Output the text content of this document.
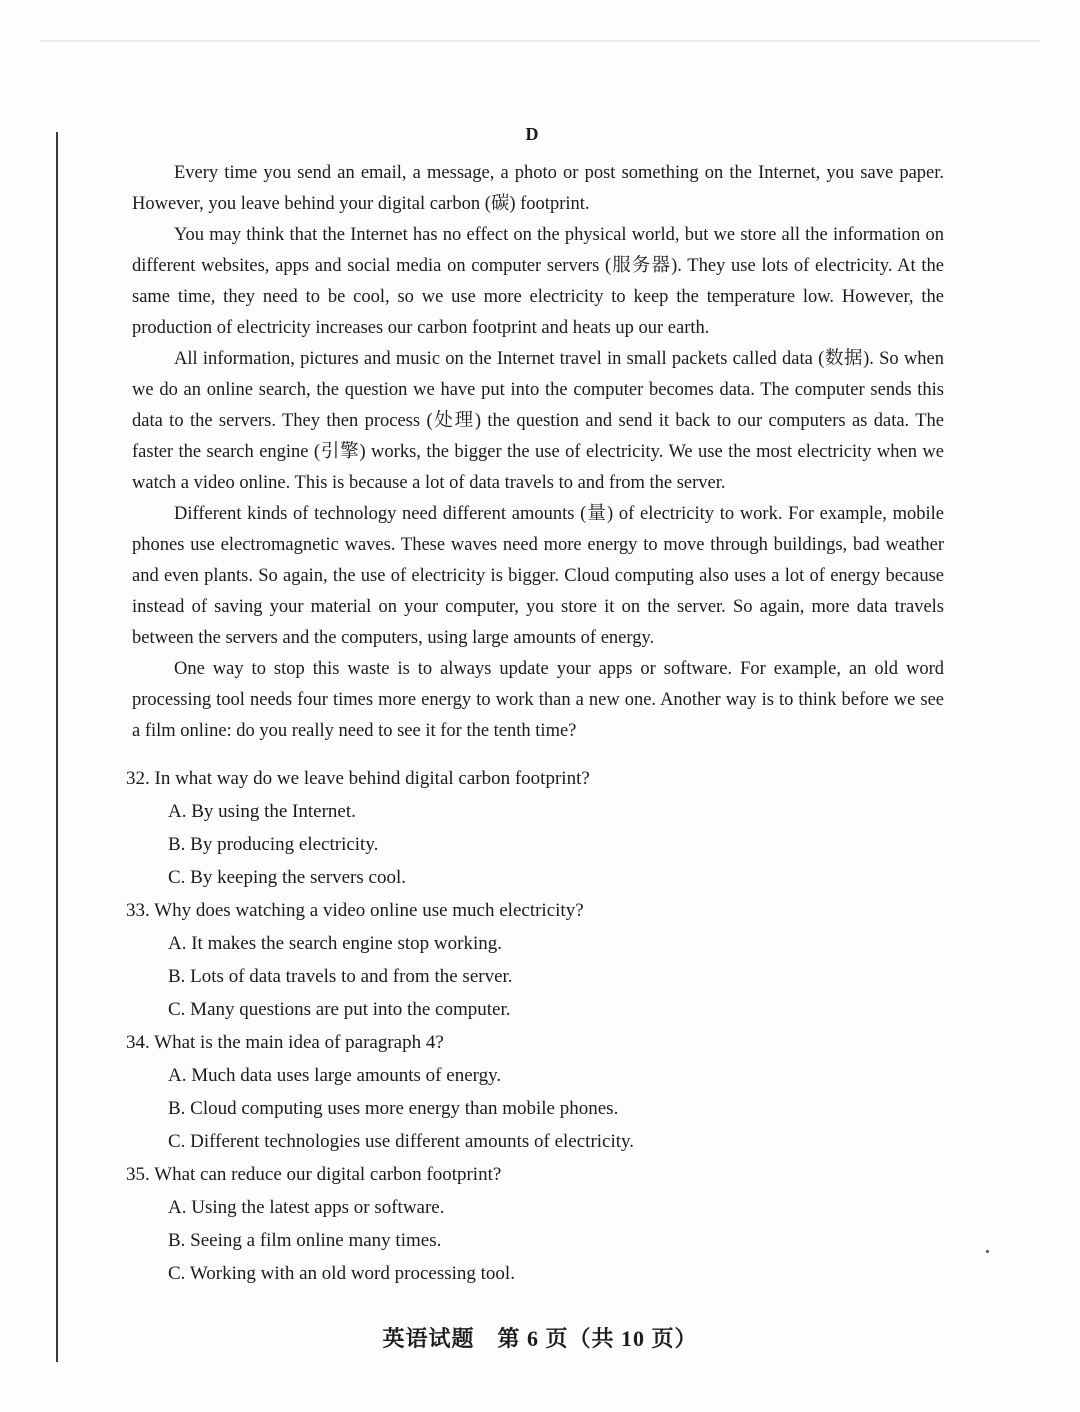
D

Every time you send an email, a message, a photo or post something on the Internet, you save paper. However, you leave behind your digital carbon (碳) footprint.

You may think that the Internet has no effect on the physical world, but we store all the information on different websites, apps and social media on computer servers (服务器). They use lots of electricity. At the same time, they need to be cool, so we use more electricity to keep the temperature low. However, the production of electricity increases our carbon footprint and heats up our earth.

All information, pictures and music on the Internet travel in small packets called data (数据). So when we do an online search, the question we have put into the computer becomes data. The computer sends this data to the servers. They then process (处理) the question and send it back to our computers as data. The faster the search engine (引擎) works, the bigger the use of electricity. We use the most electricity when we watch a video online. This is because a lot of data travels to and from the server.

Different kinds of technology need different amounts (量) of electricity to work. For example, mobile phones use electromagnetic waves. These waves need more energy to move through buildings, bad weather and even plants. So again, the use of electricity is bigger. Cloud computing also uses a lot of energy because instead of saving your material on your computer, you store it on the server. So again, more data travels between the servers and the computers, using large amounts of energy.

One way to stop this waste is to always update your apps or software. For example, an old word processing tool needs four times more energy to work than a new one. Another way is to think before we see a film online: do you really need to see it for the tenth time?

32. In what way do we leave behind digital carbon footprint?
A. By using the Internet.
B. By producing electricity.
C. By keeping the servers cool.
33. Why does watching a video online use much electricity?
A. It makes the search engine stop working.
B. Lots of data travels to and from the server.
C. Many questions are put into the computer.
34. What is the main idea of paragraph 4?
A. Much data uses large amounts of energy.
B. Cloud computing uses more energy than mobile phones.
C. Different technologies use different amounts of electricity.
35. What can reduce our digital carbon footprint?
A. Using the latest apps or software.
B. Seeing a film online many times.
C. Working with an old word processing tool.
英语试题　第 6 页（共 10 页）
